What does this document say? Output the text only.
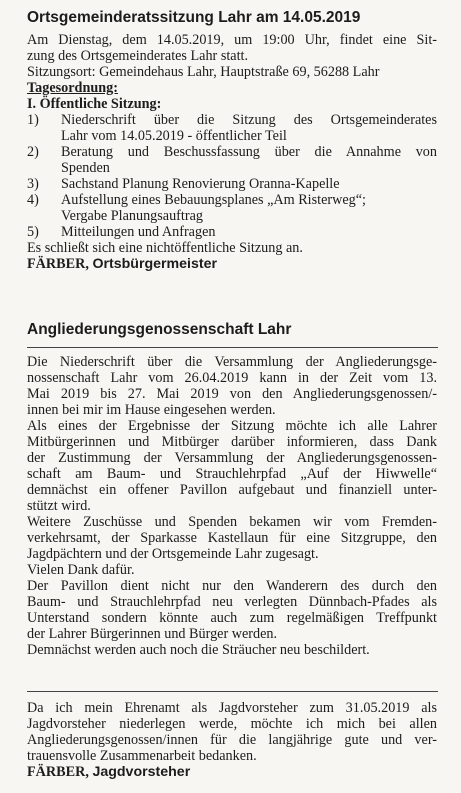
Ortsgemeinderatssitzung Lahr am 14.05.2019
Am Dienstag, dem 14.05.2019, um 19:00 Uhr, findet eine Sit-
zung des Ortsgemeinderates Lahr statt.
Sitzungsort: Gemeindehaus Lahr, Hauptstraße 69, 56288 Lahr
Tagesordnung:
I. Öffentliche Sitzung:
1)	Niederschrift über die Sitzung des Ortsgemeinderates
Lahr vom 14.05.2019 - öffentlicher Teil
2)	Beratung und Beschussfassung über die Annahme von
Spenden
3)	Sachstand Planung Renovierung Oranna-Kapelle
4)	Aufstellung eines Bebauungsplanes „Am Risterweg“;
Vergabe Planungsauftrag
5)	Mitteilungen und Anfragen
Es schließt sich eine nichtöffentliche Sitzung an.
FÄRBER, Ortsbürgermeister
Angliederungsgenossenschaft Lahr
Die Niederschrift über die Versammlung der Angliederungsge-
nossenschaft Lahr vom 26.04.2019 kann in der Zeit vom 13.
Mai 2019 bis 27. Mai 2019 von den Angliederungsgenossen/-
innen bei mir im Hause eingesehen werden.
Als eines der Ergebnisse der Sitzung möchte ich alle Lahrer
Mitbürgerinnen und Mitbürger darüber informieren, dass Dank
der Zustimmung der Versammlung der Angliederungsgenossen-
schaft am Baum- und Strauchlehrpfad „Auf der Hiwwelle“
demnächst ein offener Pavillon aufgebaut und finanziell unter-
stützt wird.
Weitere Zuschüsse und Spenden bekamen wir vom Fremden-
verkehrsamt, der Sparkasse Kastellaun für eine Sitzgruppe, den
Jagdpächtern und der Ortsgemeinde Lahr zugesagt.
Vielen Dank dafür.
Der Pavillon dient nicht nur den Wanderern des durch den
Baum- und Strauchlehrpfad neu verlegten Dünnbach-Pfades als
Unterstand sondern könnte auch zum regelmäßigen Treffpunkt
der Lahrer Bürgerinnen und Bürger werden.
Demnächst werden auch noch die Sträucher neu beschildert.
Da ich mein Ehrenamt als Jagdvorsteher zum 31.05.2019 als
Jagdvorsteher niederlegen werde, möchte ich mich bei allen
Angliederungsgenossen/innen für die langjährige gute und ver-
trauensvolle Zusammenarbeit bedanken.
FÄRBER, Jagdvorsteher
